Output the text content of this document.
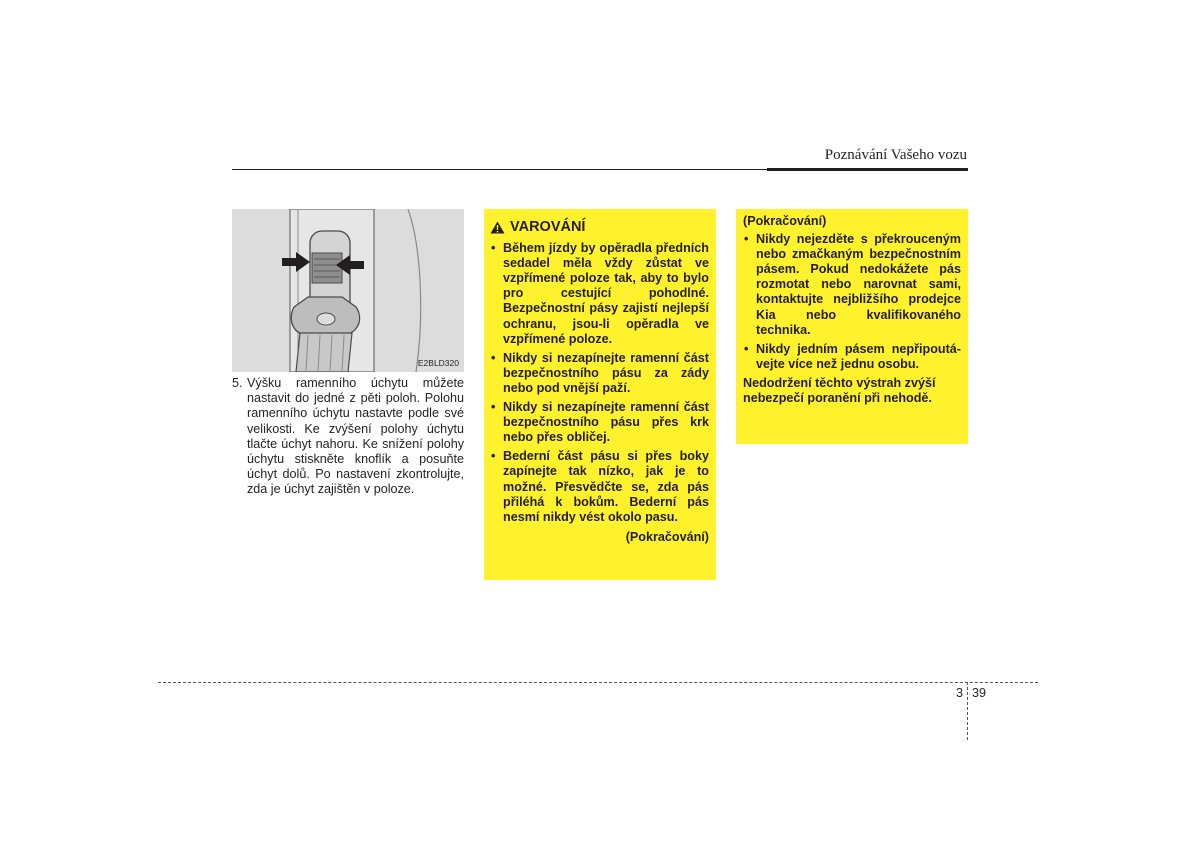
Poznávání Vašeho vozu
E2BLD320
5. Výšku ramenního úchytu můžete nastavit do jedné z pěti poloh. Polohu ramenního úchytu nastavte podle své velikosti. Ke zvýšení polohy úchytu tlačte úchyt nahoru. Ke snížení polohy úchytu stiskněte knoflík a posuňte úchyt dolů. Po nastavení zkontrolujte, zda je úchyt zajištěn v poloze.
VAROVÁNÍ
• Během jízdy by opěradla předních sedadel měla vždy zůstat ve vzpřímené poloze tak, aby to bylo pro cestující pohodlné. Bezpečnostní pásy zajistí nejlepší ochranu, jsou-li opěradla ve vzpřímené poloze.
• Nikdy si nezapínejte ramenní část bezpečnostního pásu za zády nebo pod vnější paží.
• Nikdy si nezapínejte ramenní část bezpečnostního pásu přes krk nebo přes obličej.
• Bederní část pásu si přes boky zapínejte tak nízko, jak je to možné. Přesvědčte se, zda pás přiléhá k bokům. Bederní pás nesmí nikdy vést okolo pasu.
(Pokračování)
(Pokračování)
• Nikdy nejezděte s překrouceným nebo zmačkaným bezpečnostním pásem. Pokud nedokážete pás rozmotat nebo narovnat sami, kontaktujte nejbližšího prodejce Kia nebo kvalifikovaného technika.
• Nikdy jedním pásem nepřipoutá-vejte více než jednu osobu.
Nedodržení těchto výstrah zvýší nebezpečí poranění při nehodě.
3 39
